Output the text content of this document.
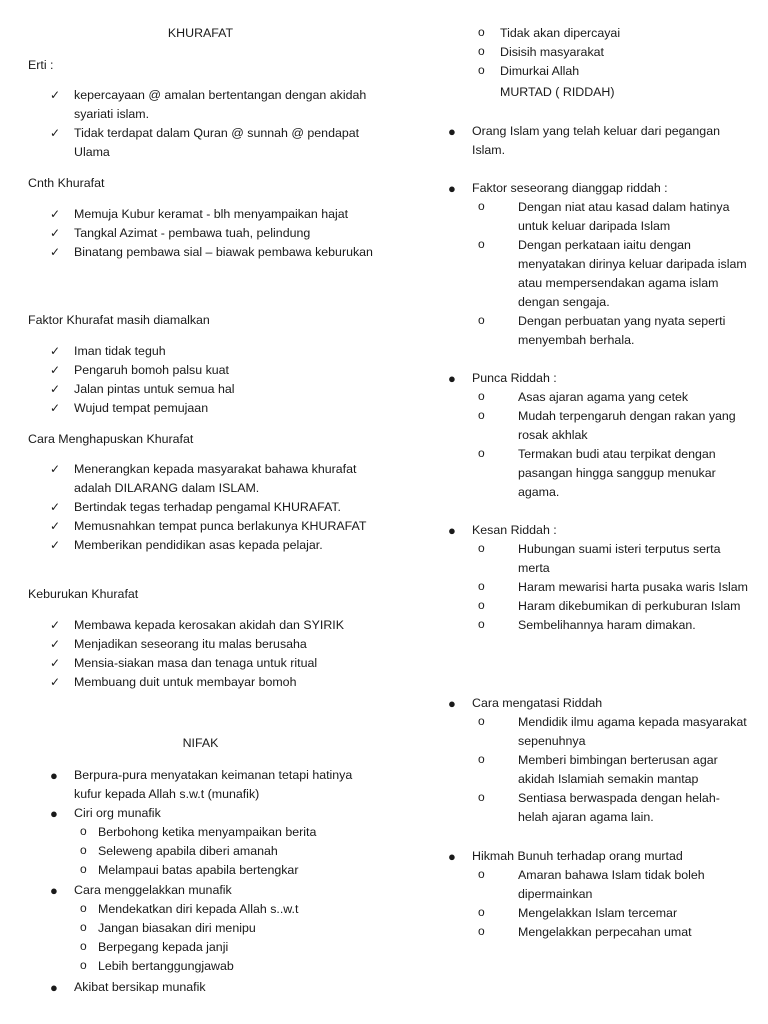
KHURAFAT
Erti :
✓ kepercayaan @ amalan bertentangan dengan akidah syariati islam.
✓ Tidak terdapat dalam Quran @ sunnah @ pendapat Ulama
Cnth Khurafat
✓ Memuja Kubur keramat - blh menyampaikan hajat
✓ Tangkal Azimat - pembawa tuah, pelindung
✓ Binatang pembawa sial – biawak pembawa keburukan
Faktor Khurafat masih diamalkan
✓ Iman tidak teguh
✓ Pengaruh bomoh palsu kuat
✓ Jalan pintas untuk semua hal
✓ Wujud tempat pemujaan
Cara Menghapuskan Khurafat
✓ Menerangkan kepada masyarakat bahawa khurafat adalah DILARANG dalam ISLAM.
✓ Bertindak tegas terhadap pengamal KHURAFAT.
✓ Memusnahkan tempat punca berlakunya KHURAFAT
✓ Memberikan pendidikan asas kepada pelajar.
Keburukan Khurafat
✓ Membawa kepada kerosakan akidah dan SYIRIK
✓ Menjadikan seseorang itu malas berusaha
✓ Mensia-siakan masa dan tenaga untuk ritual
✓ Membuang duit untuk membayar bomoh
NIFAK
● Berpura-pura menyatakan keimanan tetapi hatinya kufur kepada Allah s.w.t (munafik)
● Ciri org munafik
o Berbohong ketika menyampaikan berita
o Seleweng apabila diberi amanah
o Melampaui batas apabila bertengkar
● Cara menggelakkan munafik
o Mendekatkan diri kepada Allah s..w.t
o Jangan biasakan diri menipu
o Berpegang kepada janji
o Lebih bertanggungjawab
● Akibat bersikap munafik
o Tidak akan dipercayai
o Disisih masyarakat
o Dimurkai Allah
MURTAD ( RIDDAH)
● Orang Islam yang telah keluar dari pegangan Islam.
● Faktor seseorang dianggap riddah :
o	Dengan niat atau kasad dalam hatinya untuk keluar daripada Islam
o	Dengan perkataan iaitu dengan menyatakan dirinya keluar daripada islam atau mempersendakan agama islam dengan sengaja.
o	Dengan perbuatan yang nyata seperti menyembah berhala.
● Punca Riddah :
o	Asas ajaran agama yang cetek
o	Mudah terpengaruh dengan rakan yang rosak akhlak
o	Termakan budi atau terpikat dengan pasangan hingga sanggup menukar agama.
● Kesan Riddah :
o	Hubungan suami isteri terputus serta merta
o	Haram mewarisi harta pusaka waris Islam
o	Haram dikebumikan di perkuburan Islam
o	Sembelihannya haram dimakan.
● Cara mengatasi Riddah
o	Mendidik ilmu agama kepada masyarakat sepenuhnya
o	Memberi bimbingan berterusan agar akidah Islamiah semakin mantap
o	Sentiasa berwaspada dengan helah-helah ajaran agama lain.
● Hikmah Bunuh terhadap orang murtad
o	Amaran bahawa Islam tidak boleh dipermainkan
o	Mengelakkan Islam tercemar
o	Mengelakkan perpecahan umat
